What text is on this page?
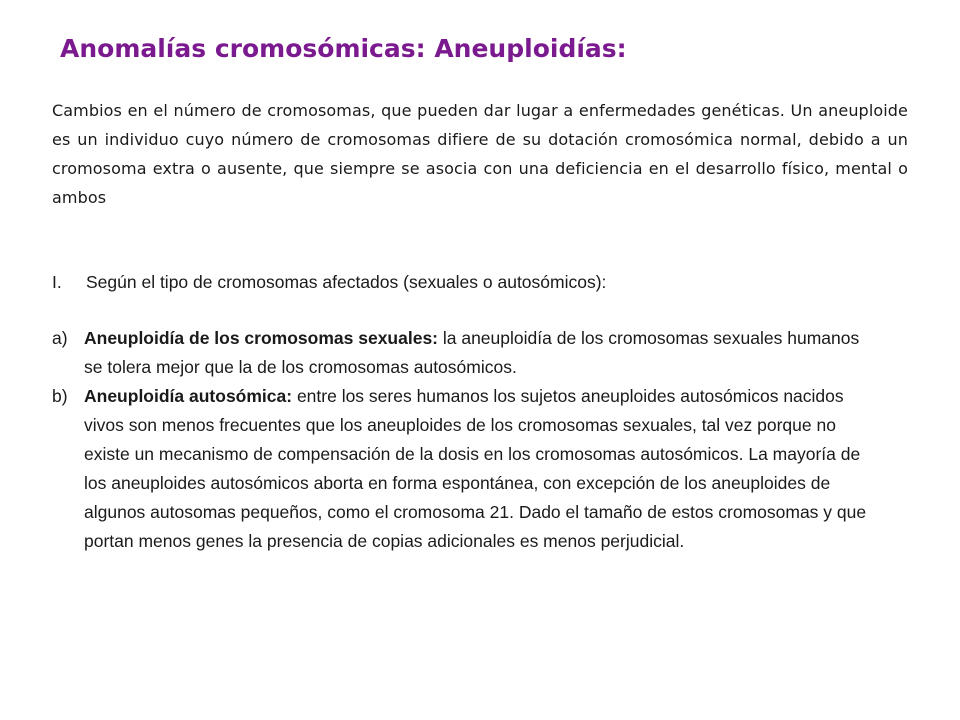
Anomalías cromosómicas: Aneuploidías:
Cambios en el número de cromosomas, que pueden dar lugar a enfermedades genéticas. Un aneuploide es un individuo cuyo número de cromosomas difiere de su dotación cromosómica normal, debido a un cromosoma extra o ausente, que siempre se asocia con una deficiencia en el desarrollo físico, mental o ambos
I.	Según el tipo de cromosomas afectados (sexuales o autosómicos):
a) Aneuploidía de los cromosomas sexuales: la aneuploidía de los cromosomas sexuales humanos se tolera mejor que la de los cromosomas autosómicos.
b) Aneuploidía autosómica: entre los seres humanos los sujetos aneuploides autosómicos nacidos vivos son menos frecuentes que los aneuploides de los cromosomas sexuales, tal vez porque no existe un mecanismo de compensación de la dosis en los cromosomas autosómicos. La mayoría de los aneuploides autosómicos aborta en forma espontánea, con excepción de los aneuploides de algunos autosomas pequeños, como el cromosoma 21. Dado el tamaño de estos cromosomas y que portan menos genes la presencia de copias adicionales es menos perjudicial.
